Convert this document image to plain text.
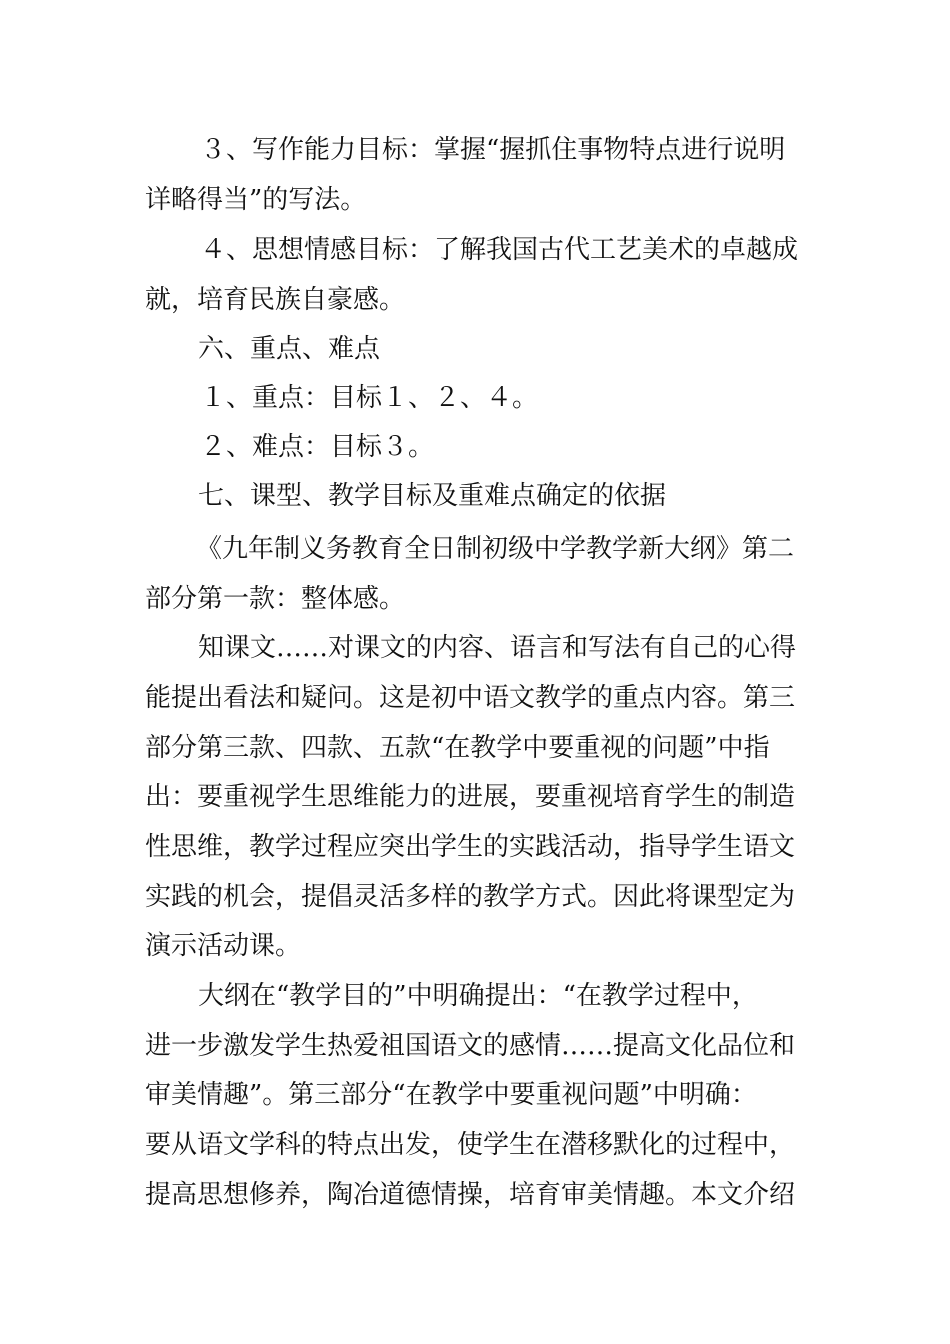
３、写作能力目标：掌握“握抓住事物特点进行说明
详略得当”的写法。
４、思想情感目标：了解我国古代工艺美术的卓越成
就，培育民族自豪感。
六、重点、难点
１、重点：目标１、２、４。
２、难点：目标３。
七、课型、教学目标及重难点确定的依据
《九年制义务教育全日制初级中学教学新大纲》第二
部分第一款：整体感。
知课文……对课文的内容、语言和写法有自己的心得
能提出看法和疑问。这是初中语文教学的重点内容。第三
部分第三款、四款、五款“在教学中要重视的问题”中指
出：要重视学生思维能力的进展，要重视培育学生的制造
性思维，教学过程应突出学生的实践活动，指导学生语文
实践的机会，提倡灵活多样的教学方式。因此将课型定为
演示活动课。
大纲在“教学目的”中明确提出：“在教学过程中，
进一步激发学生热爱祖国语文的感情……提高文化品位和
审美情趣”。第三部分“在教学中要重视问题”中明确：
要从语文学科的特点出发，使学生在潜移默化的过程中，
提高思想修养，陶冶道德情操，培育审美情趣。本文介绍
